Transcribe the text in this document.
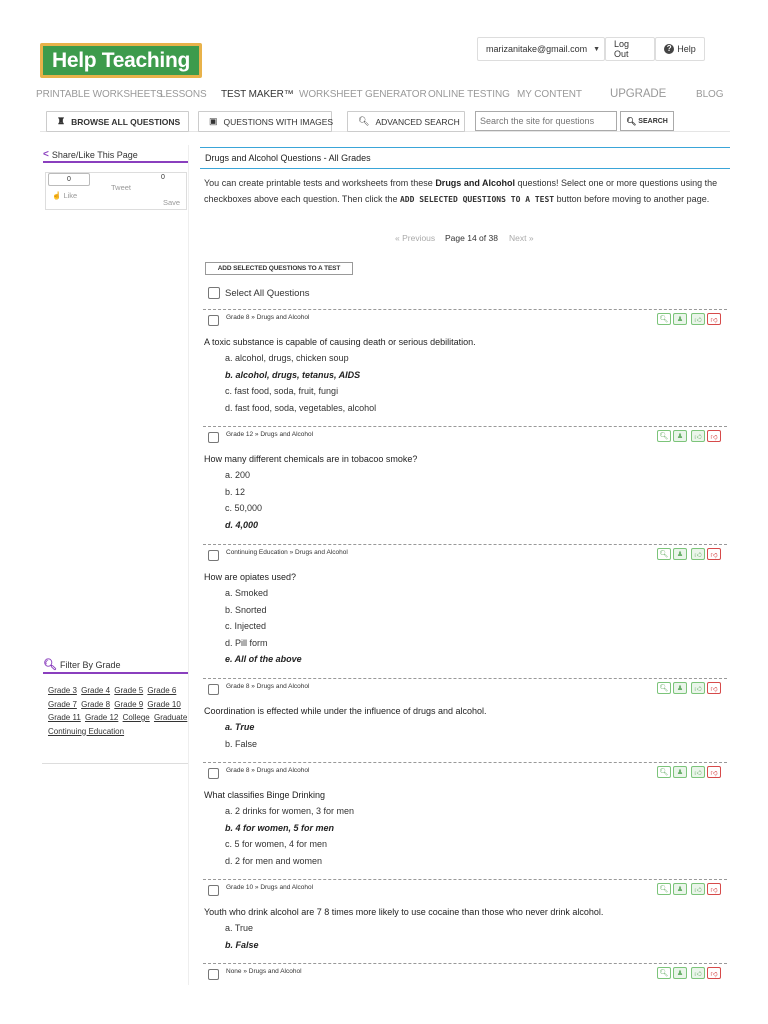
Help Teaching	marizanitake@gmail.com ▼ Log Out
? Help
PRINTABLE WORKSHEETS
LESSONS TEST MAKER™ WORKSHEET GENERATOR ONLINE TESTING MY CONTENT UPGRADE	BLOG
♜ BROWSE ALL QUESTIONS	▣ QUESTIONS WITH IMAGES	🔍︎ ADVANCED SEARCH
Search the site for questions	🔍︎ SEARCH
< Share/Like This Page
0
☝ Like
Tweet
0
Save
🔍︎ Filter By Grade
Grade 3 Grade 4 Grade 5 Grade 6 Grade 7 Grade 8 Grade 9 Grade 10 Grade 11 Grade 12 College Graduate Continuing Education
Drugs and Alcohol Questions - All Grades
You can create printable tests and worksheets from these Drugs and Alcohol questions! Select one or more questions using the checkboxes above each question. Then click the ADD SELECTED QUESTIONS TO A TEST button before moving to another page.
« Previous Page 14 of 38 Next »
ADD SELECTED QUESTIONS TO A TEST
Select All Questions
Grade 8 » Drugs and Alcohol	🔍︎	♟	👍︎	👎︎
A toxic substance is capable of causing death or serious debilitation.
a. alcohol, drugs, chicken soup
b. alcohol, drugs, tetanus, AIDS
c. fast food, soda, fruit, fungi
d. fast food, soda, vegetables, alcohol
Grade 12 » Drugs and Alcohol	🔍︎	♟	👍︎	👎︎
How many different chemicals are in tobacoo smoke?
a. 200
b. 12
c. 50,000
d. 4,000
Continuing Education » Drugs and Alcohol	🔍︎	♟	👍︎	👎︎
How are opiates used?
a. Smoked
b. Snorted
c. Injected
d. Pill form
e. All of the above
Grade 8 » Drugs and Alcohol	🔍︎	♟	👍︎	👎︎
Coordination is effected while under the influence of drugs and alcohol.
a. True
b. False
Grade 8 » Drugs and Alcohol	🔍︎	♟	👍︎	👎︎
What classifies Binge Drinking
a. 2 drinks for women, 3 for men
b. 4 for women, 5 for men
c. 5 for women, 4 for men
d. 2 for men and women
Grade 10 » Drugs and Alcohol	🔍︎	♟	👍︎	👎︎
Youth who drink alcohol are 7 8 times more likely to use cocaine than those who never drink alcohol.
a. True
b. False
None » Drugs and Alcohol	🔍︎	♟	👍︎	👎︎
